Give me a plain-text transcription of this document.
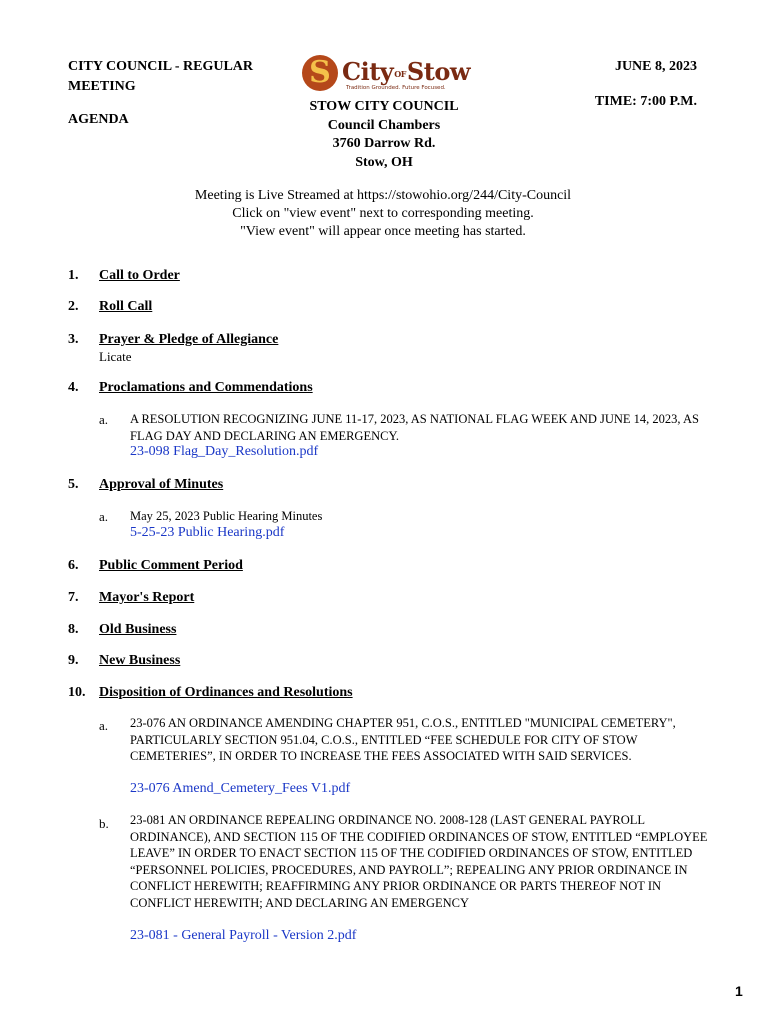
CITY COUNCIL - REGULAR MEETING
AGENDA
JUNE 8, 2023
TIME: 7:00 P.M.
S CityOFStow
Tradition Grounded. Future Focused.
STOW CITY COUNCIL
Council Chambers
3760 Darrow Rd.
Stow, OH
Meeting is Live Streamed at https://stowohio.org/244/City-Council
Click on "view event" next to corresponding meeting.
"View event" will appear once meeting has started.
1. Call to Order
2. Roll Call
3. Prayer & Pledge of Allegiance
Licate
4. Proclamations and Commendations
a. A RESOLUTION RECOGNIZING JUNE 11-17, 2023, AS NATIONAL FLAG WEEK AND JUNE 14, 2023, AS FLAG DAY AND DECLARING AN EMERGENCY.
23-098 Flag_Day_Resolution.pdf
5. Approval of Minutes
a. May 25, 2023 Public Hearing Minutes
5-25-23 Public Hearing.pdf
6. Public Comment Period
7. Mayor's Report
8. Old Business
9. New Business
10. Disposition of Ordinances and Resolutions
a. 23-076 AN ORDINANCE AMENDING CHAPTER 951, C.O.S., ENTITLED "MUNICIPAL CEMETERY", PARTICULARLY SECTION 951.04, C.O.S., ENTITLED “FEE SCHEDULE FOR CITY OF STOW CEMETERIES”, IN ORDER TO INCREASE THE FEES ASSOCIATED WITH SAID SERVICES.
23-076 Amend_Cemetery_Fees V1.pdf
b. 23-081 AN ORDINANCE REPEALING ORDINANCE NO. 2008-128 (LAST GENERAL PAYROLL ORDINANCE), AND SECTION 115 OF THE CODIFIED ORDINANCES OF STOW, ENTITLED “EMPLOYEE LEAVE” IN ORDER TO ENACT SECTION 115 OF THE CODIFIED ORDINANCES OF STOW, ENTITLED “PERSONNEL POLICIES, PROCEDURES, AND PAYROLL”; REPEALING ANY PRIOR ORDINANCE IN CONFLICT HEREWITH; REAFFIRMING ANY PRIOR ORDINANCE OR PARTS THEREOF NOT IN CONFLICT HEREWITH; AND DECLARING AN EMERGENCY
23-081 - General Payroll - Version 2.pdf
1
